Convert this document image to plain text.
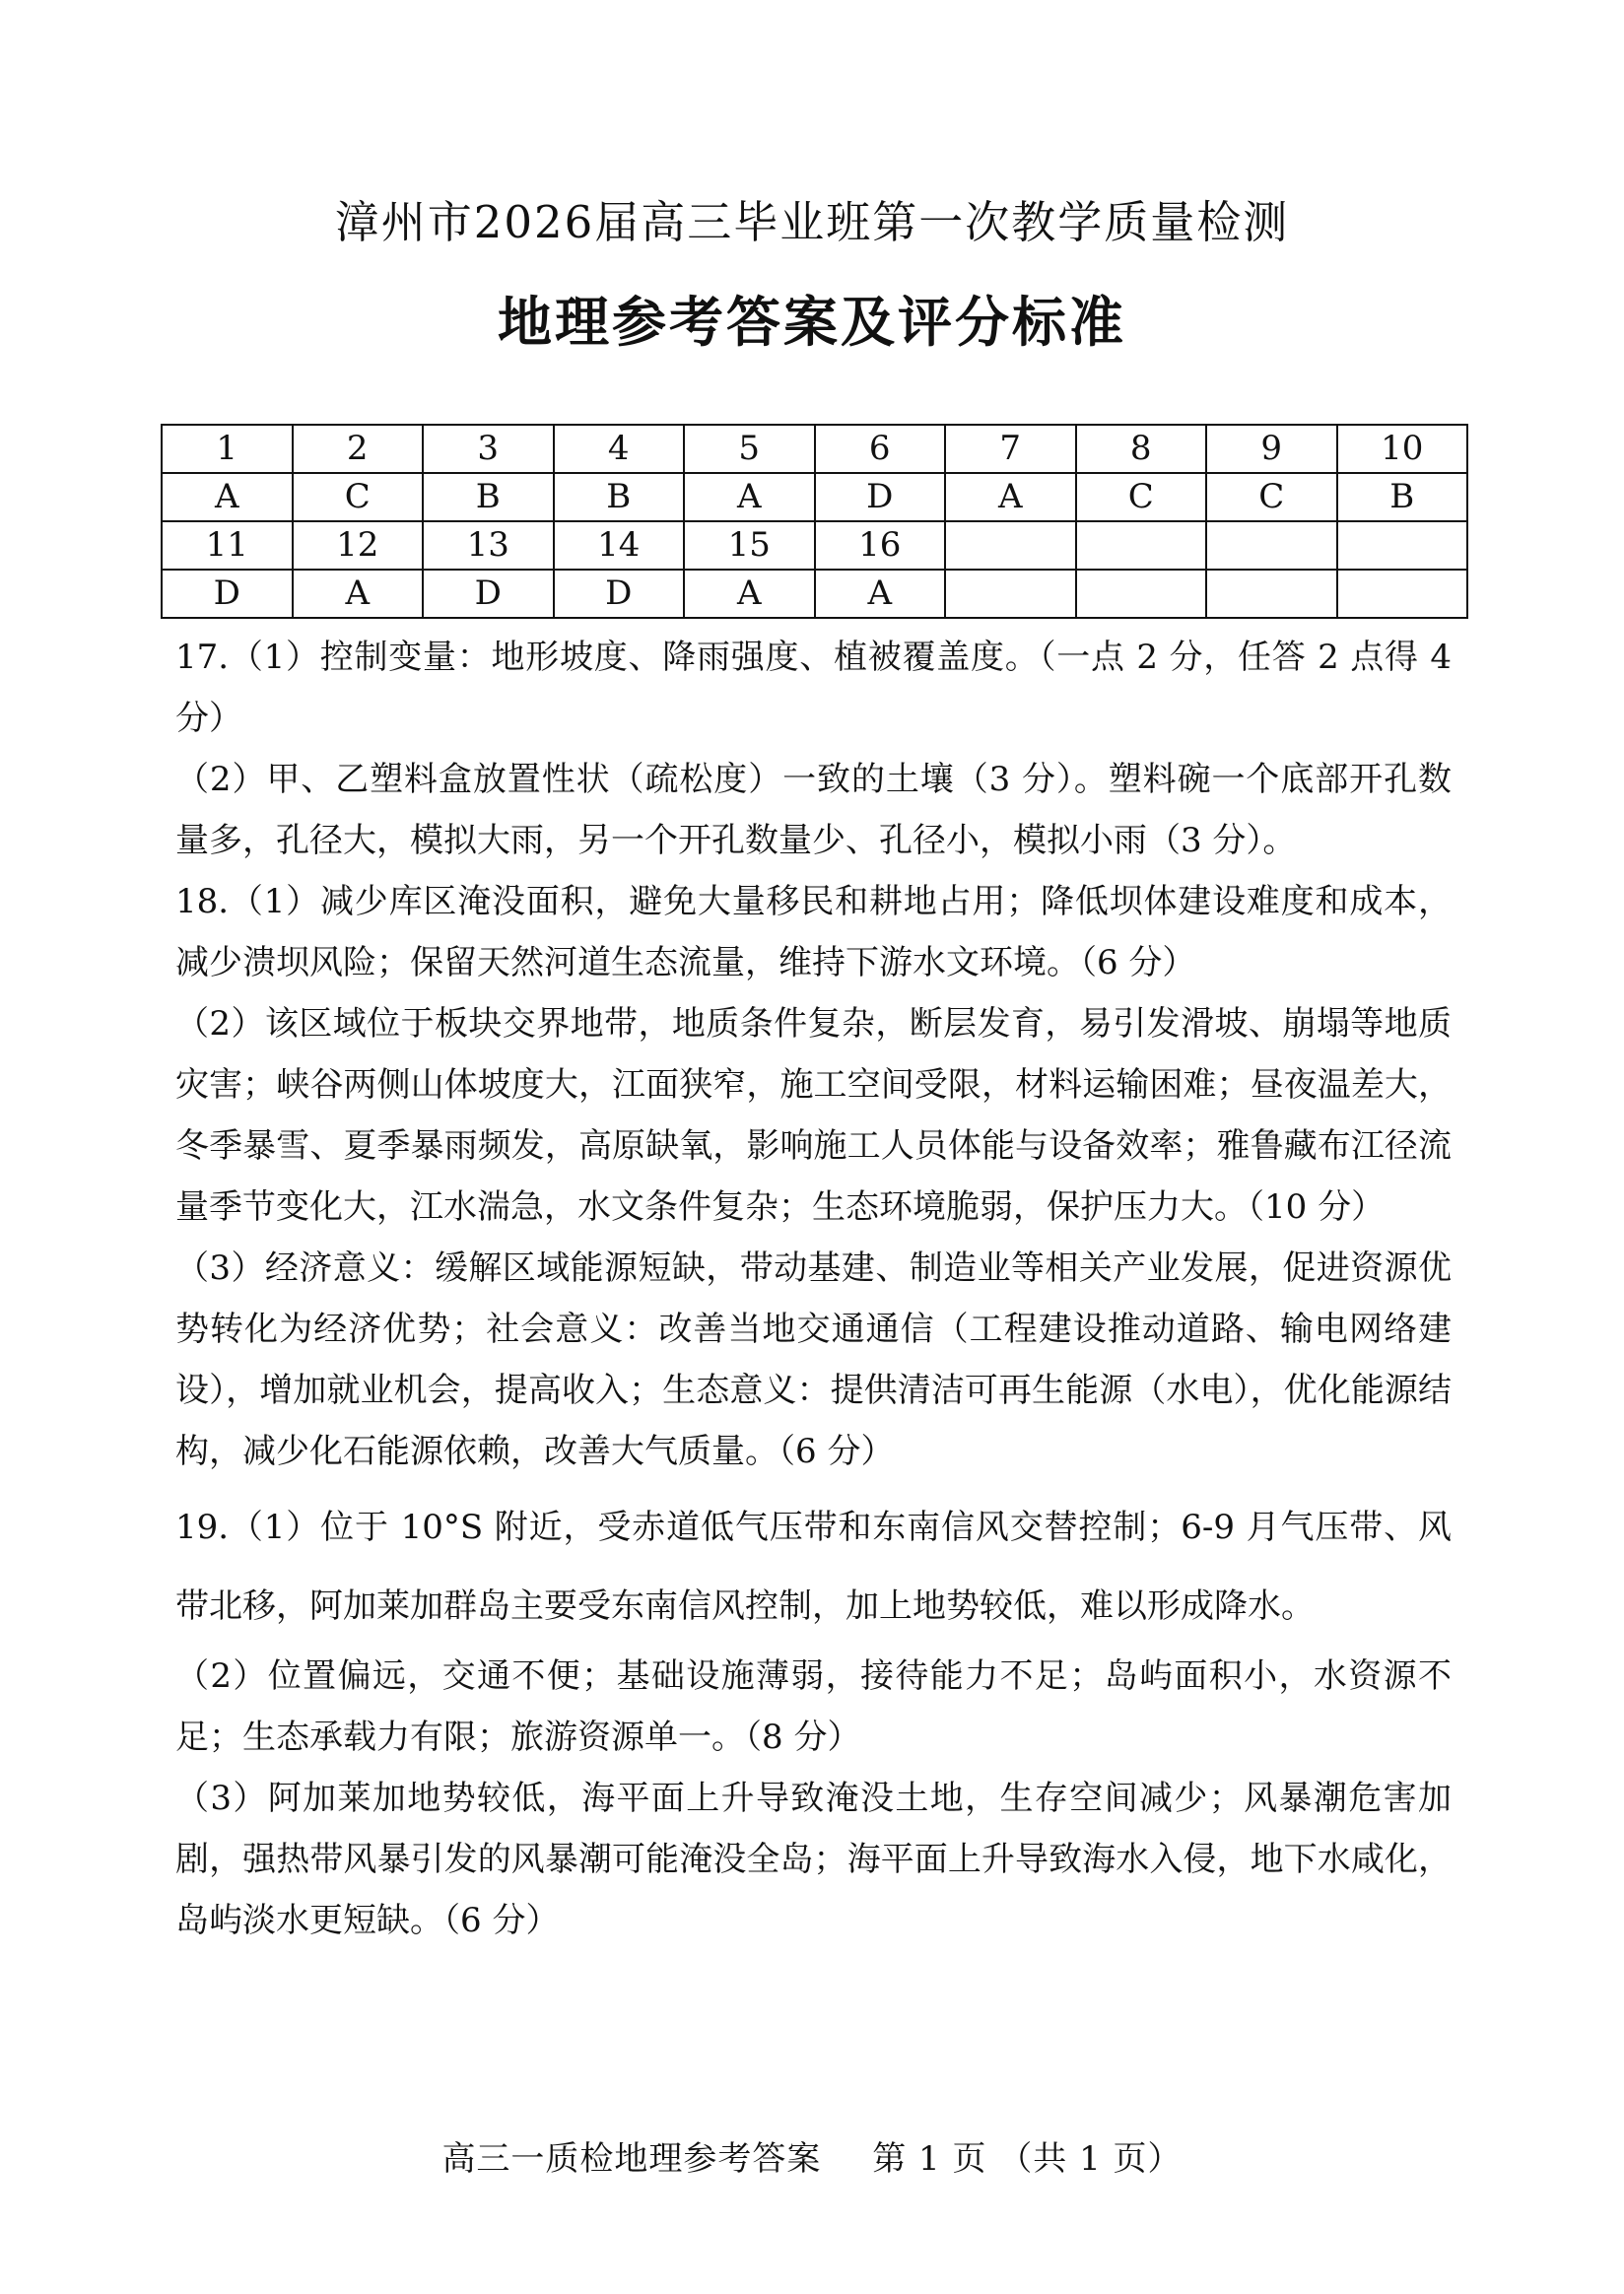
漳州市2026届高三毕业班第一次教学质量检测
地理参考答案及评分标准
1	2	3	4	5	6	7	8	9	10
A	C	B	B	A	D	A	C	C	B
11	12	13	14	15	16				
D	A	D	D	A	A				

17.（1）控制变量：地形坡度、降雨强度、植被覆盖度。（一点 2 分，任答 2 点得 4 分）

（2）甲、乙塑料盒放置性状（疏松度）一致的土壤（3 分）。塑料碗一个底部开孔数量多，孔径大，模拟大雨，另一个开孔数量少、孔径小，模拟小雨（3 分）。

18.（1）减少库区淹没面积，避免大量移民和耕地占用；降低坝体建设难度和成本，减少溃坝风险；保留天然河道生态流量，维持下游水文环境。（6 分）

（2）该区域位于板块交界地带，地质条件复杂，断层发育，易引发滑坡、崩塌等地质灾害；峡谷两侧山体坡度大，江面狭窄，施工空间受限，材料运输困难；昼夜温差大，冬季暴雪、夏季暴雨频发，高原缺氧，影响施工人员体能与设备效率；雅鲁藏布江径流量季节变化大，江水湍急，水文条件复杂；生态环境脆弱，保护压力大。（10 分）

（3）经济意义：缓解区域能源短缺，带动基建、制造业等相关产业发展，促进资源优势转化为经济优势；社会意义：改善当地交通通信（工程建设推动道路、输电网络建设），增加就业机会，提高收入；生态意义：提供清洁可再生能源（水电），优化能源结构，减少化石能源依赖，改善大气质量。（6 分）

19.（1）位于 10°S 附近，受赤道低气压带和东南信风交替控制；6-9 月气压带、风带北移，阿加莱加群岛主要受东南信风控制，加上地势较低，难以形成降水。

（2）位置偏远，交通不便；基础设施薄弱，接待能力不足；岛屿面积小，水资源不足；生态承载力有限；旅游资源单一。（8 分）

（3）阿加莱加地势较低，海平面上升导致淹没土地，生存空间减少；风暴潮危害加剧，强热带风暴引发的风暴潮可能淹没全岛；海平面上升导致海水入侵，地下水咸化，岛屿淡水更短缺。（6 分）

高三一质检地理参考答案 第 1 页 （共 1 页）
